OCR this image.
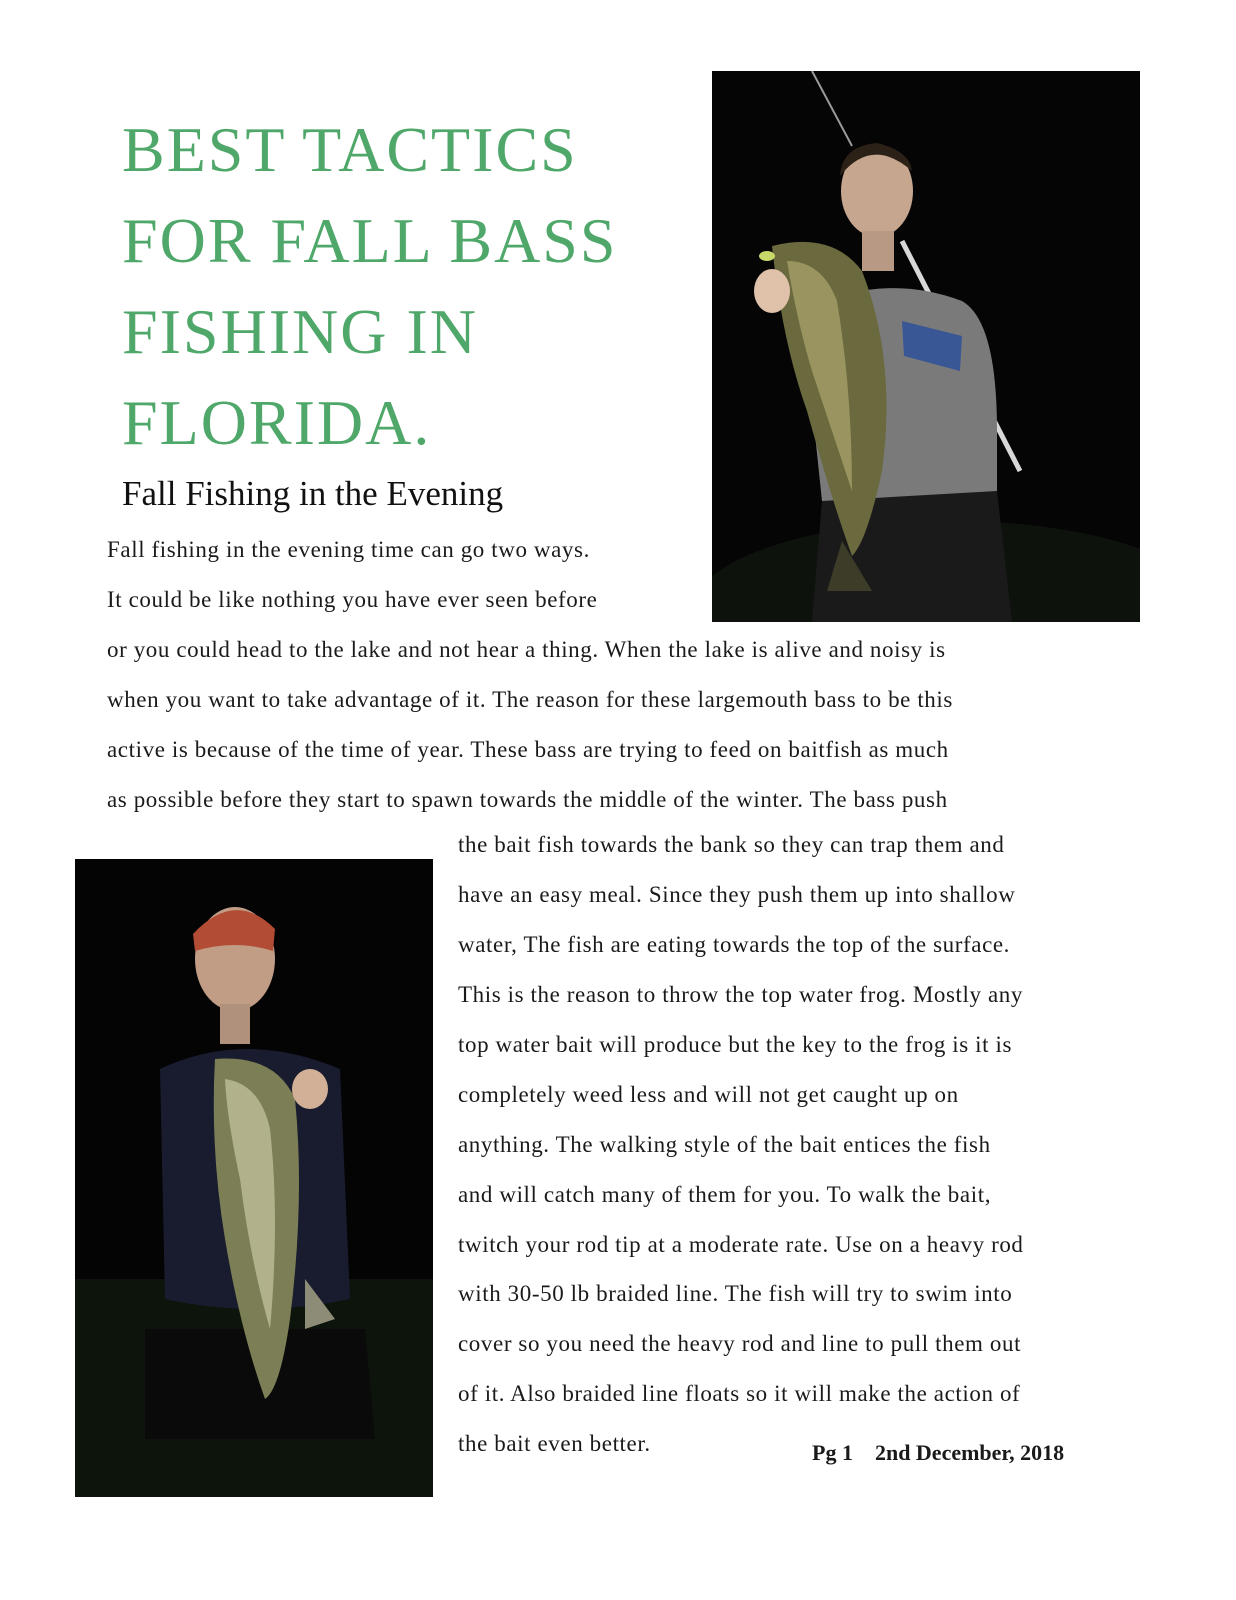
BEST TACTICS
FOR FALL BASS
FISHING IN
FLORIDA.
Fall Fishing in the Evening
Fall fishing in the evening time can go two ways.
It could be like nothing you have ever seen before
or you could head to the lake and not hear a thing. When the lake is alive and noisy is
when you want to take advantage of it. The reason for these largemouth bass to be this
active is because of the time of year. These bass are trying to feed on baitfish as much
as possible before they start to spawn towards the middle of the winter. The bass push
the bait fish towards the bank so they can trap them and
have an easy meal. Since they push them up into shallow
water, The fish are eating towards the top of the surface.
This is the reason to throw the top water frog. Mostly any
top water bait will produce but the key to the frog is it is
completely weed less and will not get caught up on
anything. The walking style of the bait entices the fish
and will catch many of them for you. To walk the bait,
twitch your rod tip at a moderate rate. Use on a heavy rod
with 30-50 lb braided line. The fish will try to swim into
cover so you need the heavy rod and line to pull them out
of it. Also braided line floats so it will make the action of
the bait even better.	Pg 1 2nd December, 2018
